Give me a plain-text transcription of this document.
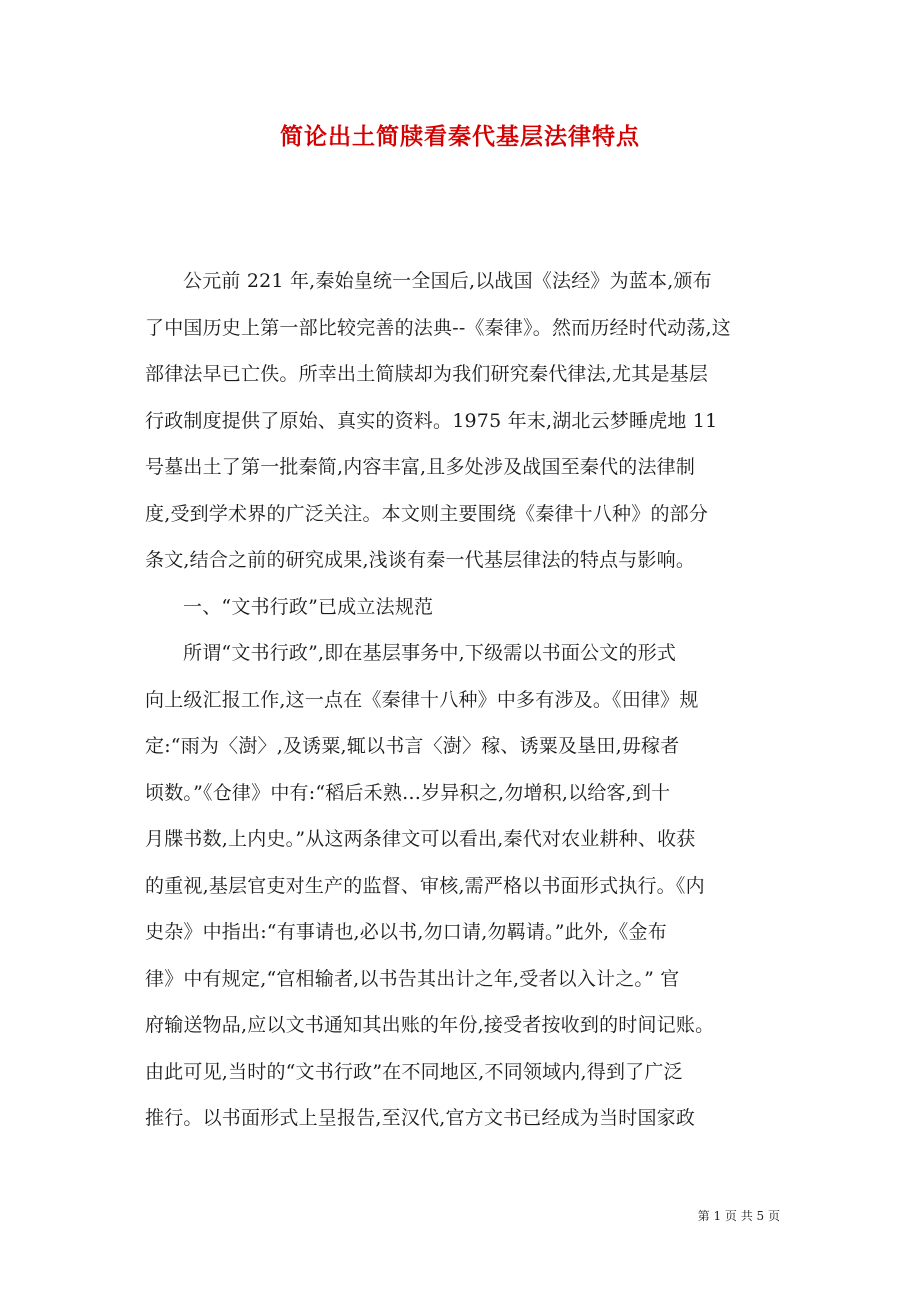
简论出土简牍看秦代基层法律特点
公元前 221 年,秦始皇统一全国后,以战国《法经》为蓝本,颁布
了中国历史上第一部比较完善的法典--《秦律》。然而历经时代动荡,这
部律法早已亡佚。所幸出土简牍却为我们研究秦代律法,尤其是基层
行政制度提供了原始、真实的资料。1975 年末,湖北云梦睡虎地 11
号墓出土了第一批秦简,内容丰富,且多处涉及战国至秦代的法律制
度,受到学术界的广泛关注。本文则主要围绕《秦律十八种》的部分
条文,结合之前的研究成果,浅谈有秦一代基层律法的特点与影响。
一、“文书行政”已成立法规范
所谓“文书行政”,即在基层事务中,下级需以书面公文的形式
向上级汇报工作,这一点在《秦律十八种》中多有涉及。《田律》规
定:“雨为〈澍〉,及诱粟,辄以书言〈澍〉稼、诱粟及垦田,毋稼者
顷数。”《仓律》中有:“稻后禾熟…岁异积之,勿增积,以给客,到十
月牒书数,上内史。”从这两条律文可以看出,秦代对农业耕种、收获
的重视,基层官吏对生产的监督、审核,需严格以书面形式执行。《内
史杂》中指出:“有事请也,必以书,勿口请,勿羁请。”此外,《金布
律》中有规定,“官相输者,以书告其出计之年,受者以入计之。” 官
府输送物品,应以文书通知其出账的年份,接受者按收到的时间记账。
由此可见,当时的“文书行政”在不同地区,不同领域内,得到了广泛
推行。以书面形式上呈报告,至汉代,官方文书已经成为当时国家政
第 1 页 共 5 页
